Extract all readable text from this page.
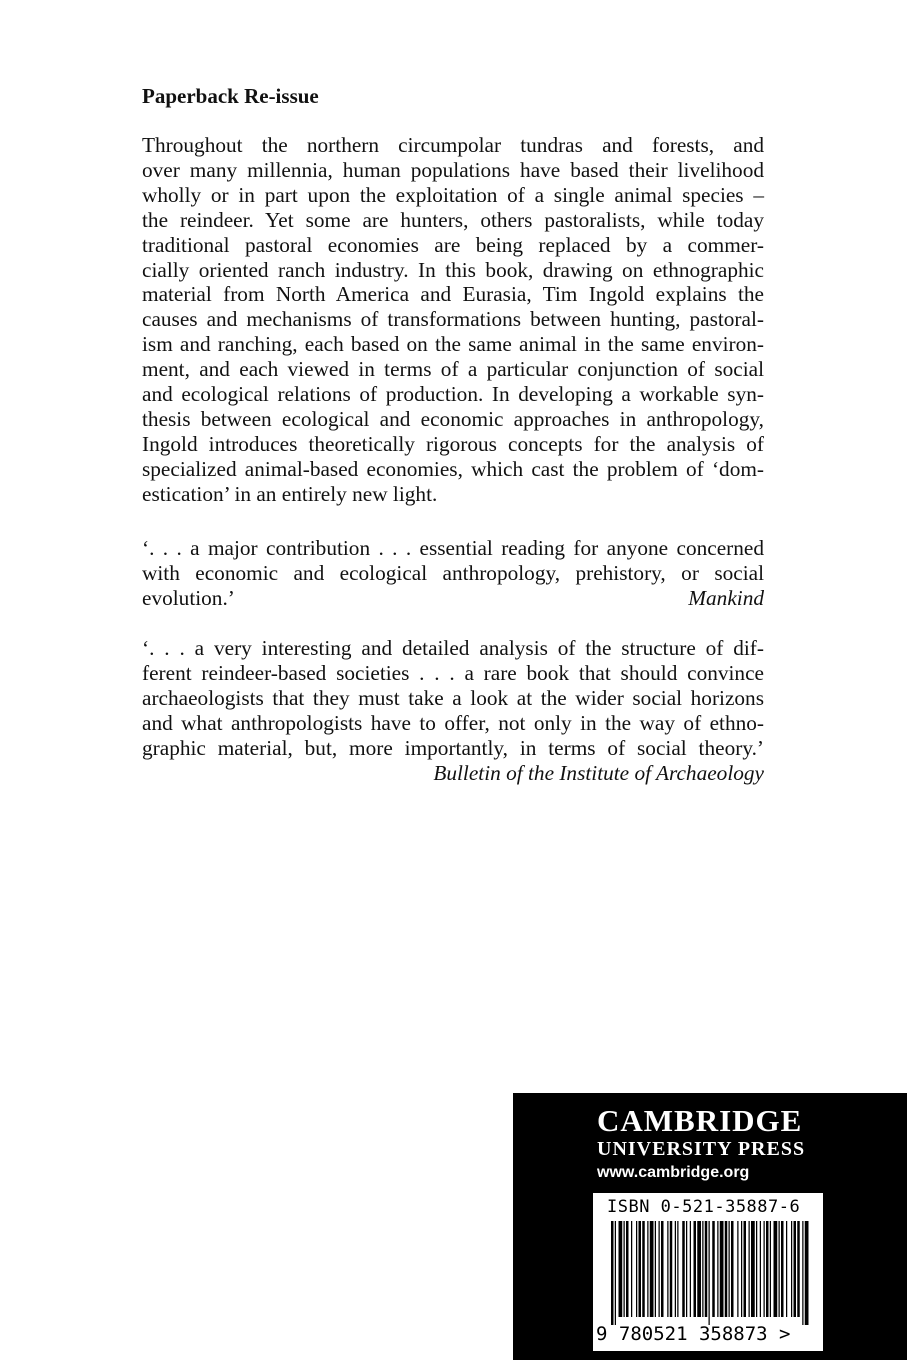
Paperback Re-issue
Throughout the northern circumpolar tundras and forests, and
over many millennia, human populations have based their livelihood
wholly or in part upon the exploitation of a single animal species –
the reindeer. Yet some are hunters, others pastoralists, while today
traditional pastoral economies are being replaced by a commer-
cially oriented ranch industry. In this book, drawing on ethnographic
material from North America and Eurasia, Tim Ingold explains the
causes and mechanisms of transformations between hunting, pastoral-
ism and ranching, each based on the same animal in the same environ-
ment, and each viewed in terms of a particular conjunction of social
and ecological relations of production. In developing a workable syn-
thesis between ecological and economic approaches in anthropology,
Ingold introduces theoretically rigorous concepts for the analysis of
specialized animal-based economies, which cast the problem of ‘dom-
estication’ in an entirely new light.
‘. . . a major contribution . . . essential reading for anyone concerned
with economic and ecological anthropology, prehistory, or social
evolution.’	Mankind
‘. . . a very interesting and detailed analysis of the structure of dif-
ferent reindeer-based societies . . . a rare book that should convince
archaeologists that they must take a look at the wider social horizons
and what anthropologists have to offer, not only in the way of ethno-
graphic material, but, more importantly, in terms of social theory.’
Bulletin of the Institute of Archaeology
CAMBRIDGE
UNIVERSITY PRESS
www.cambridge.org
ISBN 0-521-35887-6
9 780521 358873 >
